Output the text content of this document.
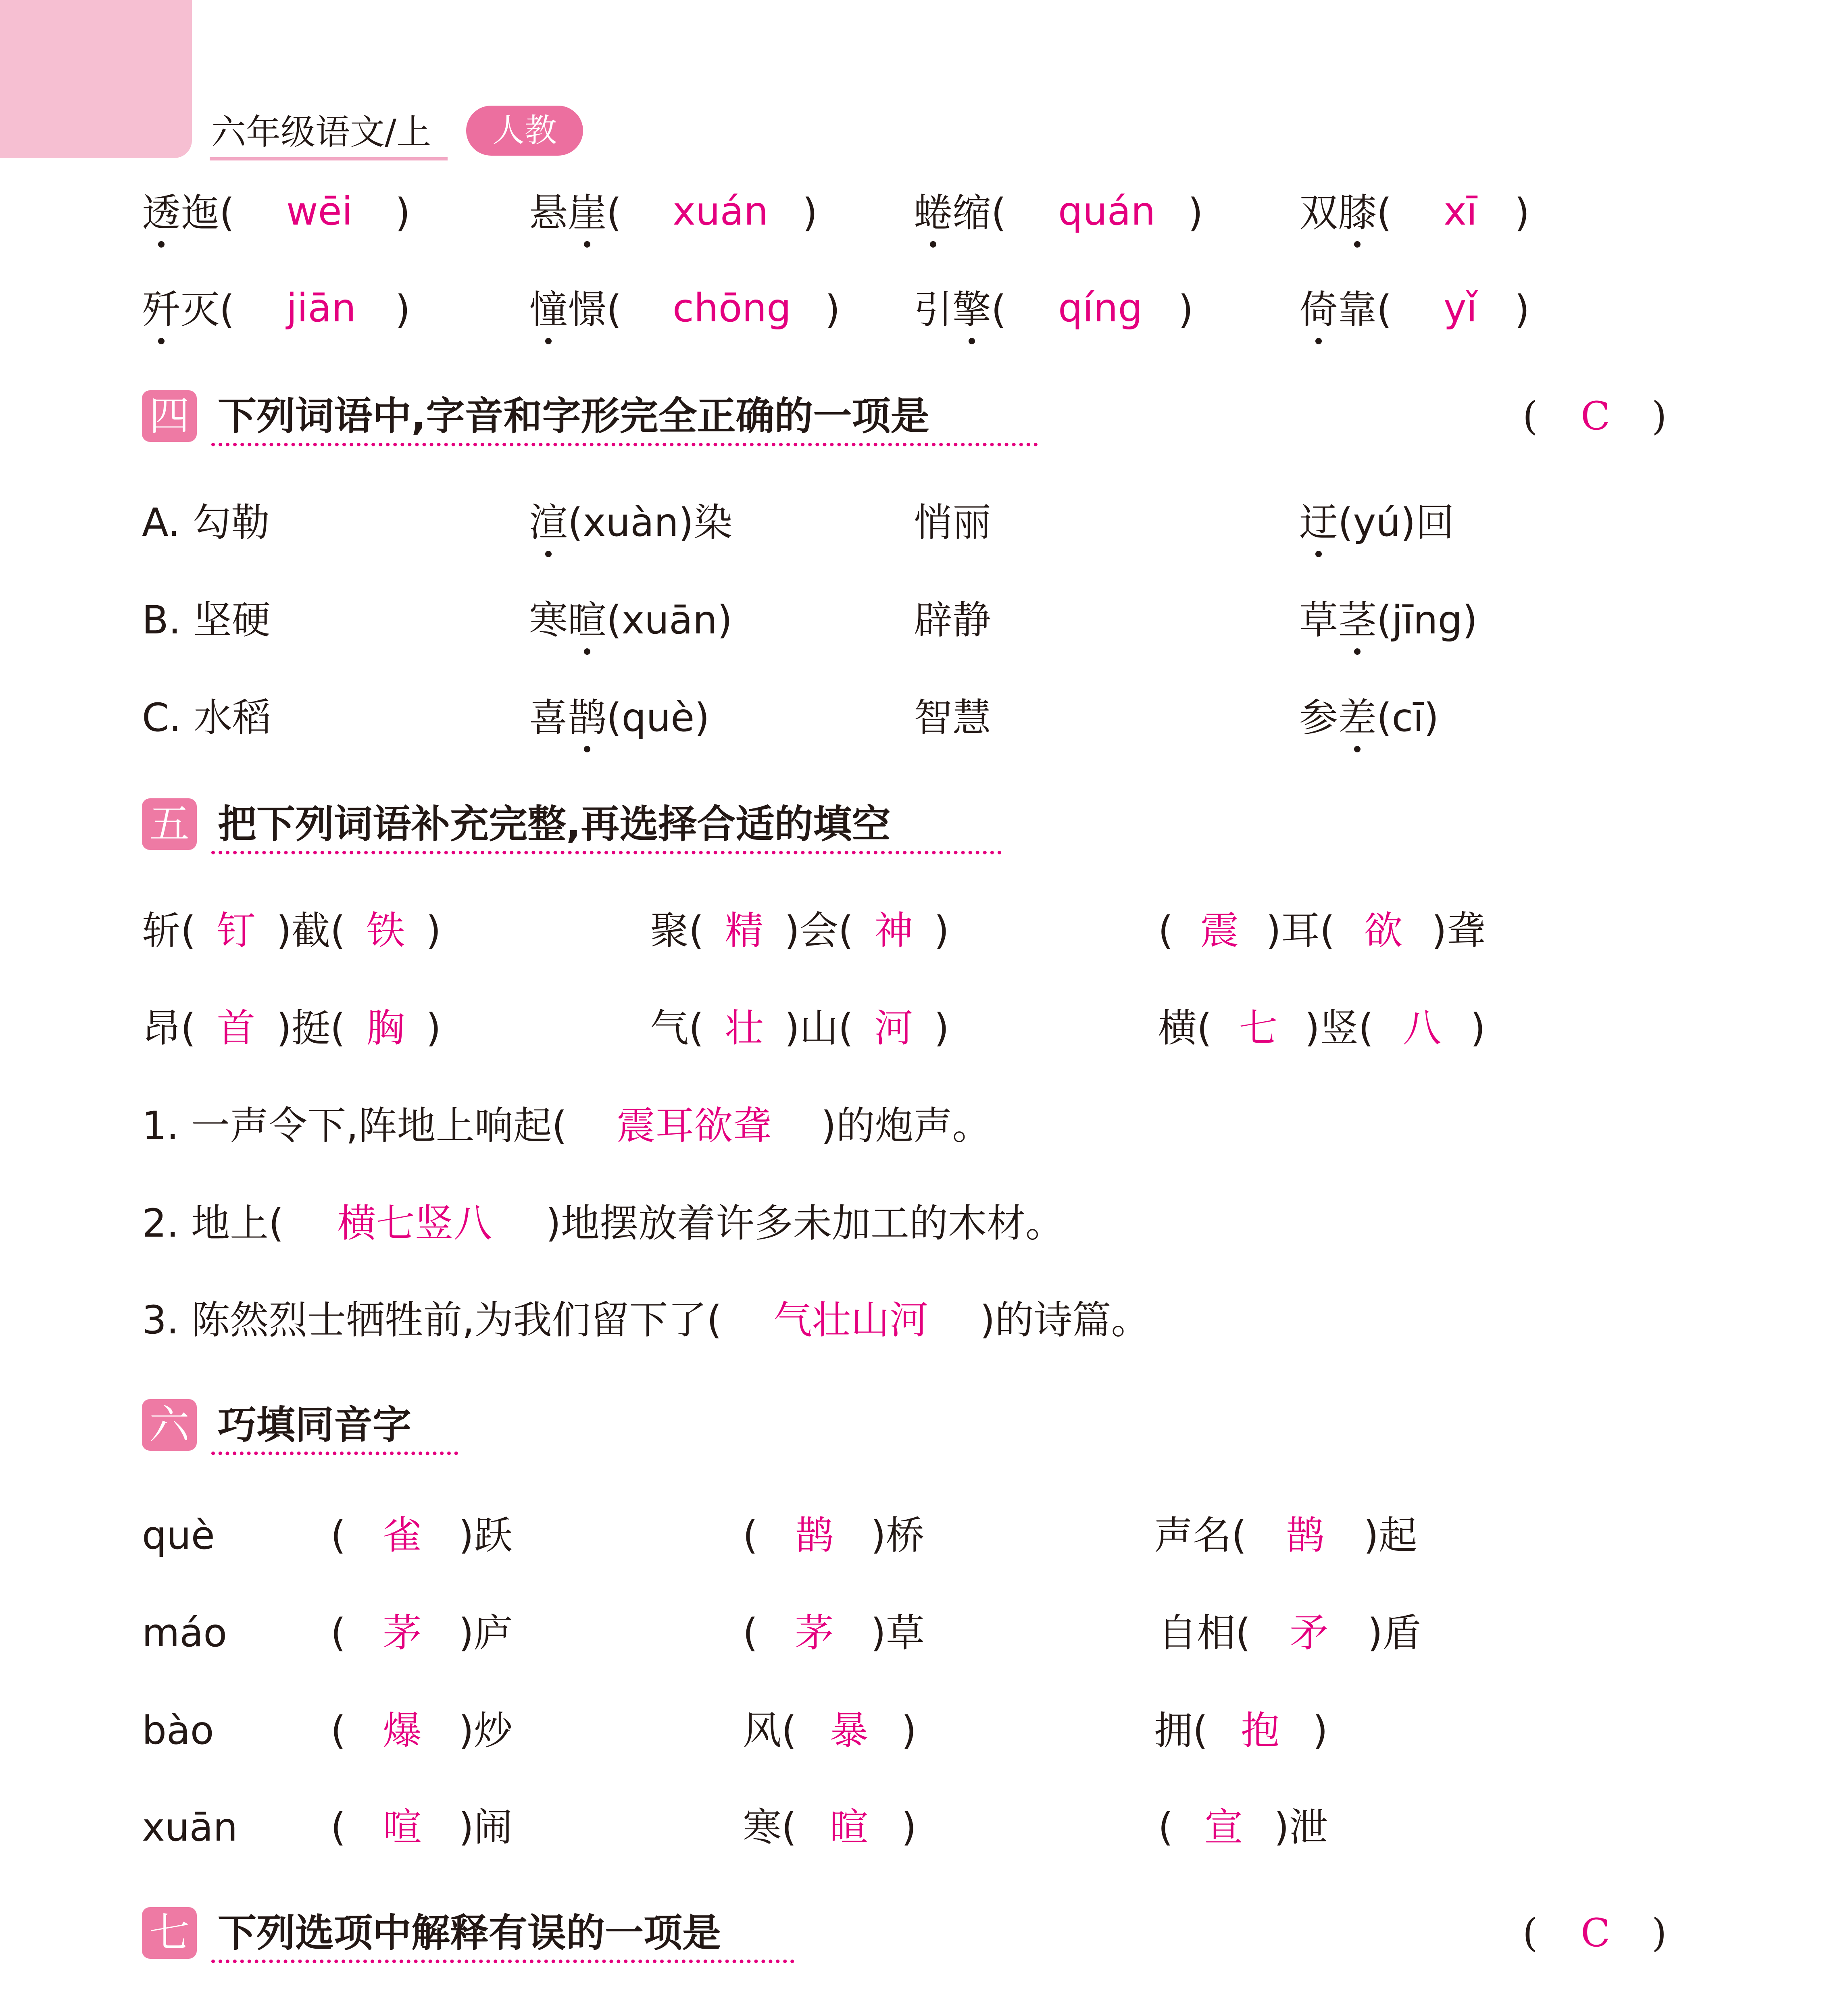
六年级语文/上	人教
透迤( wēi )	悬崖( xuán ) 蜷缩( quán ) 双膝( xī )
歼灭( jiān )	憧憬( chōng ) 引擎( qíng )	倚靠( yǐ )
四 下列词语中,字音和字形完全正确的一项是	( C )
A. 勾勒	渲(xuàn)染	悄丽	迂(yú)回
B. 坚硬	寒暄(xuān)	辟静	草茎(jīng)
C. 水稻	喜鹊(què)	智慧	参差(cī)
五 把下列词语补充完整,再选择合适的填空
斩( 钉 )截( 铁 )	聚( 精 )会( 神 )	( 震 )耳( 欲 )聋
昂( 首 )挺( 胸 )	气( 壮 )山( 河 )	横( 七 )竖( 八 )
1. 一声令下,阵地上响起( 震耳欲聋 )的炮声。
2. 地上( 横七竖八 )地摆放着许多未加工的木材。
3. 陈然烈士牺牲前,为我们留下了( 气壮山河 )的诗篇。
六 巧填同音字
què	( 雀 )跃	( 鹊 )桥	声名( 鹊 )起
máo	( 茅 )庐	( 茅 )草	自相( 矛 )盾
bào	( 爆 )炒	风( 暴 )	拥( 抱 )
xuān ( 喧 )闹	寒( 暄 )	( 宣 )泄
七 下列选项中解释有误的一项是	( C )
